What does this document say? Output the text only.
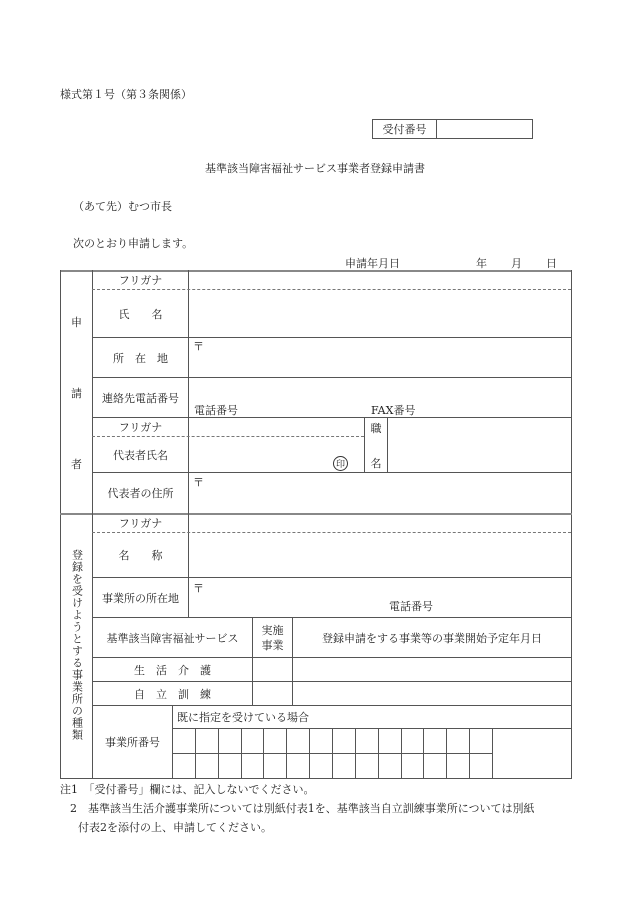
様式第１号（第３条関係）
受付番号
基準該当障害福祉サービス事業者登録申請書
（あて先）むつ市長
次のとおり申請します。
申請年月日	年 月 日
申
請
者
フリガナ
氏　　名
所　在　地
〒
連絡先電話番号
電話番号	FAX番号
フリガナ
代表者氏名
印
職
名
代表者の住所
〒
登録を受けようとする事業所の種類
フリガナ
名　　称
事業所の所在地
〒
電話番号
基準該当障害福祉サービス
実施事業
登録申請をする事業等の事業開始予定年月日
生　活　介　護
自　立　訓　練
事業所番号
既に指定を受けている場合
注1　「受付番号」欄には、記入しないでください。
2　基準該当生活介護事業所については別紙付表1を、基準該当自立訓練事業所については別紙
付表2を添付の上、申請してください。
